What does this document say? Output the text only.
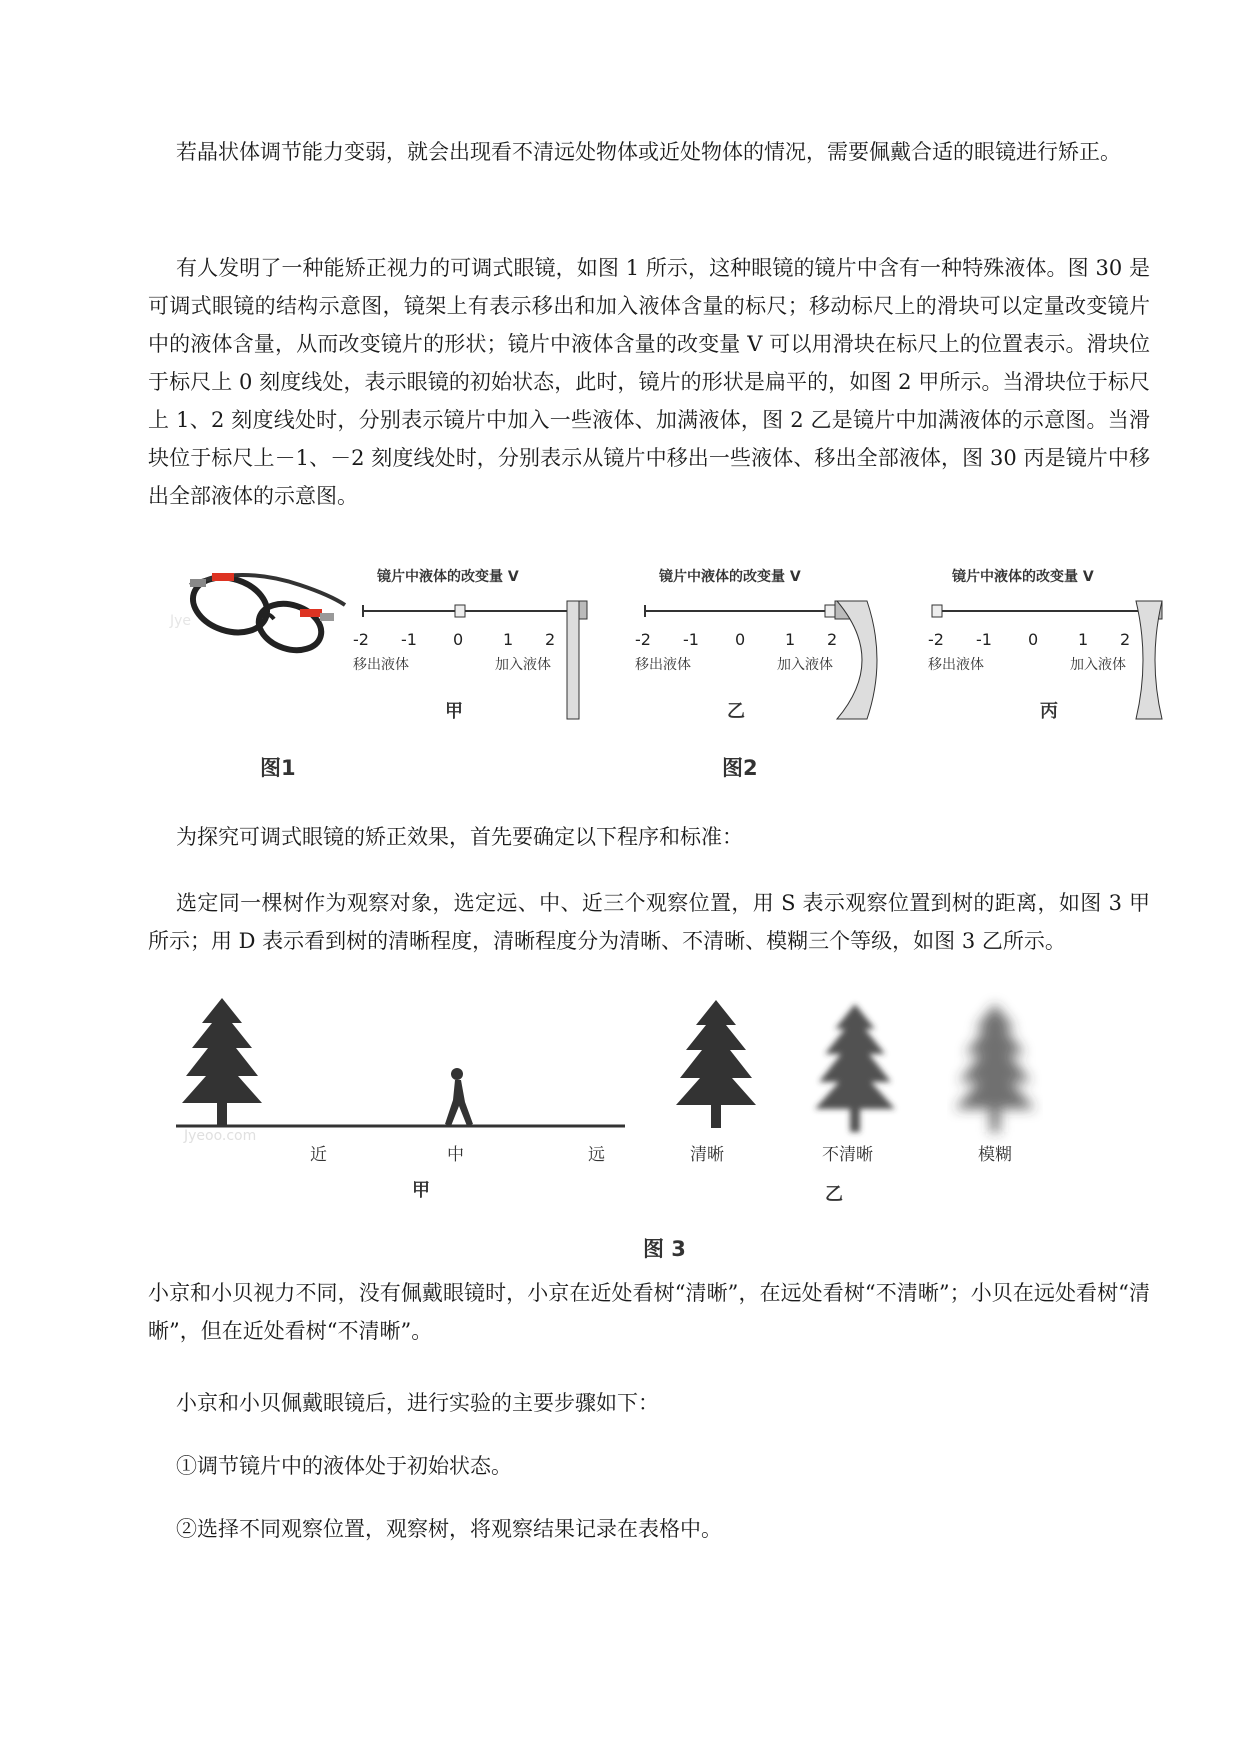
若晶状体调节能力变弱，就会出现看不清远处物体或近处物体的情况，需要佩戴合适的眼镜进行矫正。

有人发明了一种能矫正视力的可调式眼镜，如图 1 所示，这种眼镜的镜片中含有一种特殊液体。图 30 是可调式眼镜的结构示意图，镜架上有表示移出和加入液体含量的标尺；移动标尺上的滑块可以定量改变镜片中的液体含量，从而改变镜片的形状；镜片中液体含量的改变量 V 可以用滑块在标尺上的位置表示。滑块位于标尺上 0 刻度线处，表示眼镜的初始状态，此时，镜片的形状是扁平的，如图 2 甲所示。当滑块位于标尺上 1、2 刻度线处时，分别表示镜片中加入一些液体、加满液体，图 2 乙是镜片中加满液体的示意图。当滑块位于标尺上－1、－2 刻度线处时，分别表示从镜片中移出一些液体、移出全部液体，图 30 丙是镜片中移出全部液体的示意图。

Jye
图1
镜片中液体的改变量 V
-2 -1 0 1 2
移出液体	加入液体
甲
镜片中液体的改变量 V
-2 -1 0 1 2
移出液体	加入液体
乙
镜片中液体的改变量 V
-2 -1 0 1 2
移出液体	加入液体
丙
图2

为探究可调式眼镜的矫正效果，首先要确定以下程序和标准：

选定同一棵树作为观察对象，选定远、中、近三个观察位置，用 S 表示观察位置到树的距离，如图 3 甲所示；用 D 表示看到树的清晰程度，清晰程度分为清晰、不清晰、模糊三个等级，如图 3 乙所示。

Jyeoo.com
近	中	远
甲
清晰	不清晰	模糊
乙
图 3

小京和小贝视力不同，没有佩戴眼镜时，小京在近处看树“清晰”，在远处看树“不清晰”；小贝在远处看树“清晰”，但在近处看树“不清晰”。

小京和小贝佩戴眼镜后，进行实验的主要步骤如下：

①调节镜片中的液体处于初始状态。

②选择不同观察位置，观察树，将观察结果记录在表格中。
